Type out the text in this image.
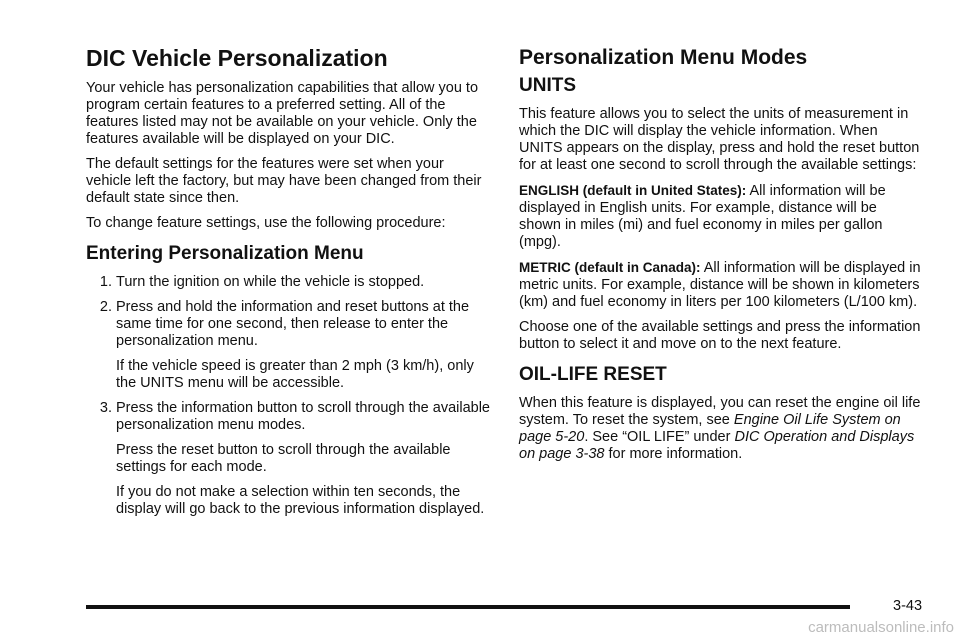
DIC Vehicle Personalization

Your vehicle has personalization capabilities that allow you to program certain features to a preferred setting. All of the features listed may not be available on your vehicle. Only the features available will be displayed on your DIC.

The default settings for the features were set when your vehicle left the factory, but may have been changed from their default state since then.

To change feature settings, use the following procedure:

Entering Personalization Menu
1. Turn the ignition on while the vehicle is stopped.
2. Press and hold the information and reset buttons at the same time for one second, then release to enter the personalization menu.

If the vehicle speed is greater than 2 mph (3 km/h), only the UNITS menu will be accessible.

3. Press the information button to scroll through the available personalization menu modes.

Press the reset button to scroll through the available settings for each mode.

If you do not make a selection within ten seconds, the display will go back to the previous information displayed.

Personalization Menu Modes
UNITS

This feature allows you to select the units of measurement in which the DIC will display the vehicle information. When UNITS appears on the display, press and hold the reset button for at least one second to scroll through the available settings:

ENGLISH (default in United States): All information will be displayed in English units. For example, distance will be shown in miles (mi) and fuel economy in miles per gallon (mpg).

METRIC (default in Canada): All information will be displayed in metric units. For example, distance will be shown in kilometers (km) and fuel economy in liters per 100 kilometers (L/100 km).

Choose one of the available settings and press the information button to select it and move on to the next feature.

OIL-LIFE RESET

When this feature is displayed, you can reset the engine oil life system. To reset the system, see Engine Oil Life System on page 5-20. See “OIL LIFE” under DIC Operation and Displays on page 3-38 for more information.

3-43
carmanualsonline.info
